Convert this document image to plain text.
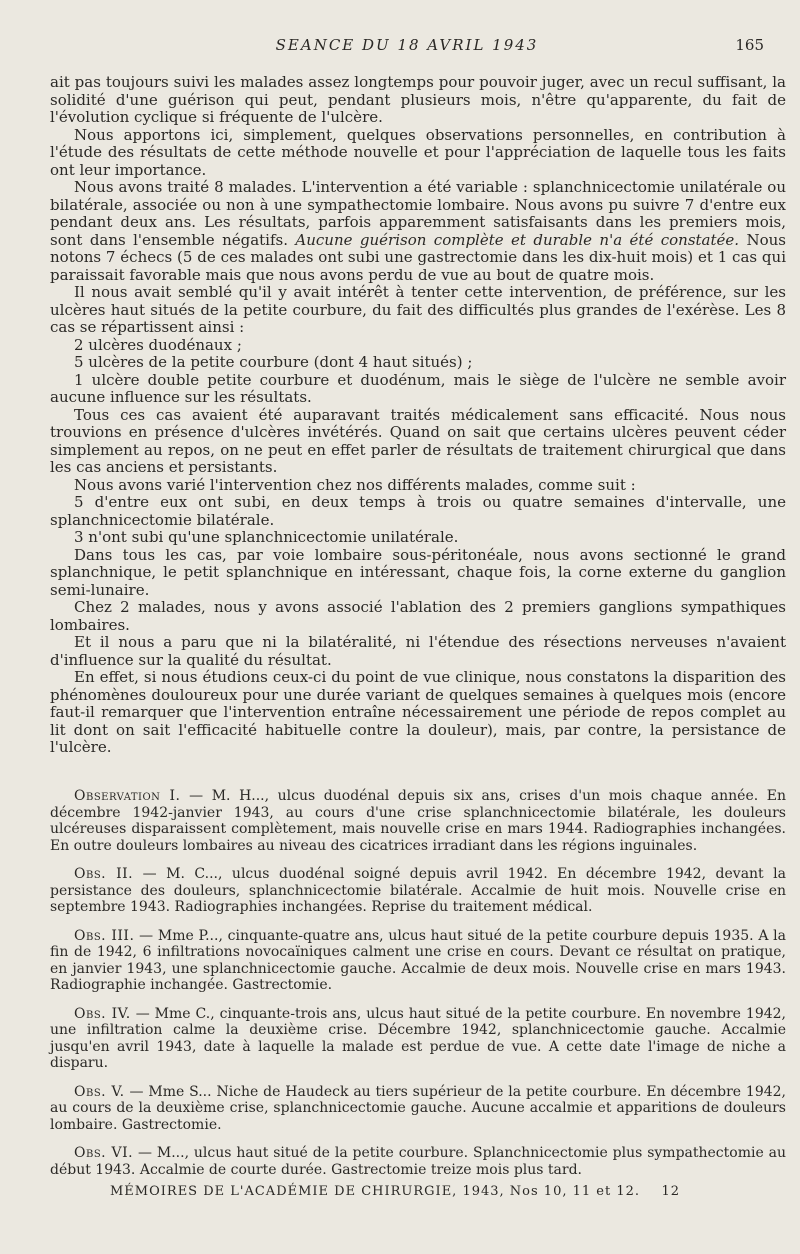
SEANCE DU 18 AVRIL 1943	165

ait pas toujours suivi les malades assez longtemps pour pouvoir juger, avec un recul suffisant, la solidité d'une guérison qui peut, pendant plusieurs mois, n'être qu'apparente, du fait de l'évolution cyclique si fréquente de l'ulcère.

Nous apportons ici, simplement, quelques observations personnelles, en contribution à l'étude des résultats de cette méthode nouvelle et pour l'appréciation de laquelle tous les faits ont leur importance.

Nous avons traité 8 malades. L'intervention a été variable : splanchnicectomie unilatérale ou bilatérale, associée ou non à une sympathectomie lombaire. Nous avons pu suivre 7 d'entre eux pendant deux ans. Les résultats, parfois apparemment satisfaisants dans les premiers mois, sont dans l'ensemble négatifs. Aucune guérison complète et durable n'a été constatée. Nous notons 7 échecs (5 de ces malades ont subi une gastrectomie dans les dix-huit mois) et 1 cas qui paraissait favorable mais que nous avons perdu de vue au bout de quatre mois.

Il nous avait semblé qu'il y avait intérêt à tenter cette intervention, de préférence, sur les ulcères haut situés de la petite courbure, du fait des difficultés plus grandes de l'exérèse. Les 8 cas se répartissent ainsi :

2 ulcères duodénaux ;

5 ulcères de la petite courbure (dont 4 haut situés) ;

1 ulcère double petite courbure et duodénum, mais le siège de l'ulcère ne semble avoir aucune influence sur les résultats.

Tous ces cas avaient été auparavant traités médicalement sans efficacité. Nous nous trouvions en présence d'ulcères invétérés. Quand on sait que certains ulcères peuvent céder simplement au repos, on ne peut en effet parler de résultats de traitement chirurgical que dans les cas anciens et persistants.

Nous avons varié l'intervention chez nos différents malades, comme suit :

5 d'entre eux ont subi, en deux temps à trois ou quatre semaines d'intervalle, une splanchnicectomie bilatérale.

3 n'ont subi qu'une splanchnicectomie unilatérale.

Dans tous les cas, par voie lombaire sous-péritonéale, nous avons sectionné le grand splanchnique, le petit splanchnique en intéressant, chaque fois, la corne externe du ganglion semi-lunaire.

Chez 2 malades, nous y avons associé l'ablation des 2 premiers ganglions sympathiques lombaires.

Et il nous a paru que ni la bilatéralité, ni l'étendue des résections nerveuses n'avaient d'influence sur la qualité du résultat.

En effet, si nous étudions ceux-ci du point de vue clinique, nous constatons la disparition des phénomènes douloureux pour une durée variant de quelques semaines à quelques mois (encore faut-il remarquer que l'intervention entraîne nécessairement une période de repos complet au lit dont on sait l'efficacité habituelle contre la douleur), mais, par contre, la persistance de l'ulcère.

Observation I. — M. H..., ulcus duodénal depuis six ans, crises d'un mois chaque année. En décembre 1942-janvier 1943, au cours d'une crise splanchnicectomie bilatérale, les douleurs ulcéreuses disparaissent complètement, mais nouvelle crise en mars 1944. Radiographies inchangées. En outre douleurs lombaires au niveau des cicatrices irradiant dans les régions inguinales.

Obs. II. — M. C..., ulcus duodénal soigné depuis avril 1942. En décembre 1942, devant la persistance des douleurs, splanchnicectomie bilatérale. Accalmie de huit mois. Nouvelle crise en septembre 1943. Radiographies inchangées. Reprise du traitement médical.

Obs. III. — Mme P..., cinquante-quatre ans, ulcus haut situé de la petite courbure depuis 1935. A la fin de 1942, 6 infiltrations novocaïniques calment une crise en cours. Devant ce résultat on pratique, en janvier 1943, une splanchnicectomie gauche. Accalmie de deux mois. Nouvelle crise en mars 1943. Radiographie inchangée. Gastrectomie.

Obs. IV. — Mme C., cinquante-trois ans, ulcus haut situé de la petite courbure. En novembre 1942, une infiltration calme la deuxième crise. Décembre 1942, splanchnicectomie gauche. Accalmie jusqu'en avril 1943, date à laquelle la malade est perdue de vue. A cette date l'image de niche a disparu.

Obs. V. — Mme S... Niche de Haudeck au tiers supérieur de la petite courbure. En décembre 1942, au cours de la deuxième crise, splanchnicectomie gauche. Aucune accalmie et apparitions de douleurs lombaire. Gastrectomie.

Obs. VI. — M..., ulcus haut situé de la petite courbure. Splanchnicectomie plus sympathectomie au début 1943. Accalmie de courte durée. Gastrectomie treize mois plus tard.

MÉMOIRES DE L'ACADÉMIE DE CHIRURGIE, 1943, Nos 10, 11 et 12. 12
